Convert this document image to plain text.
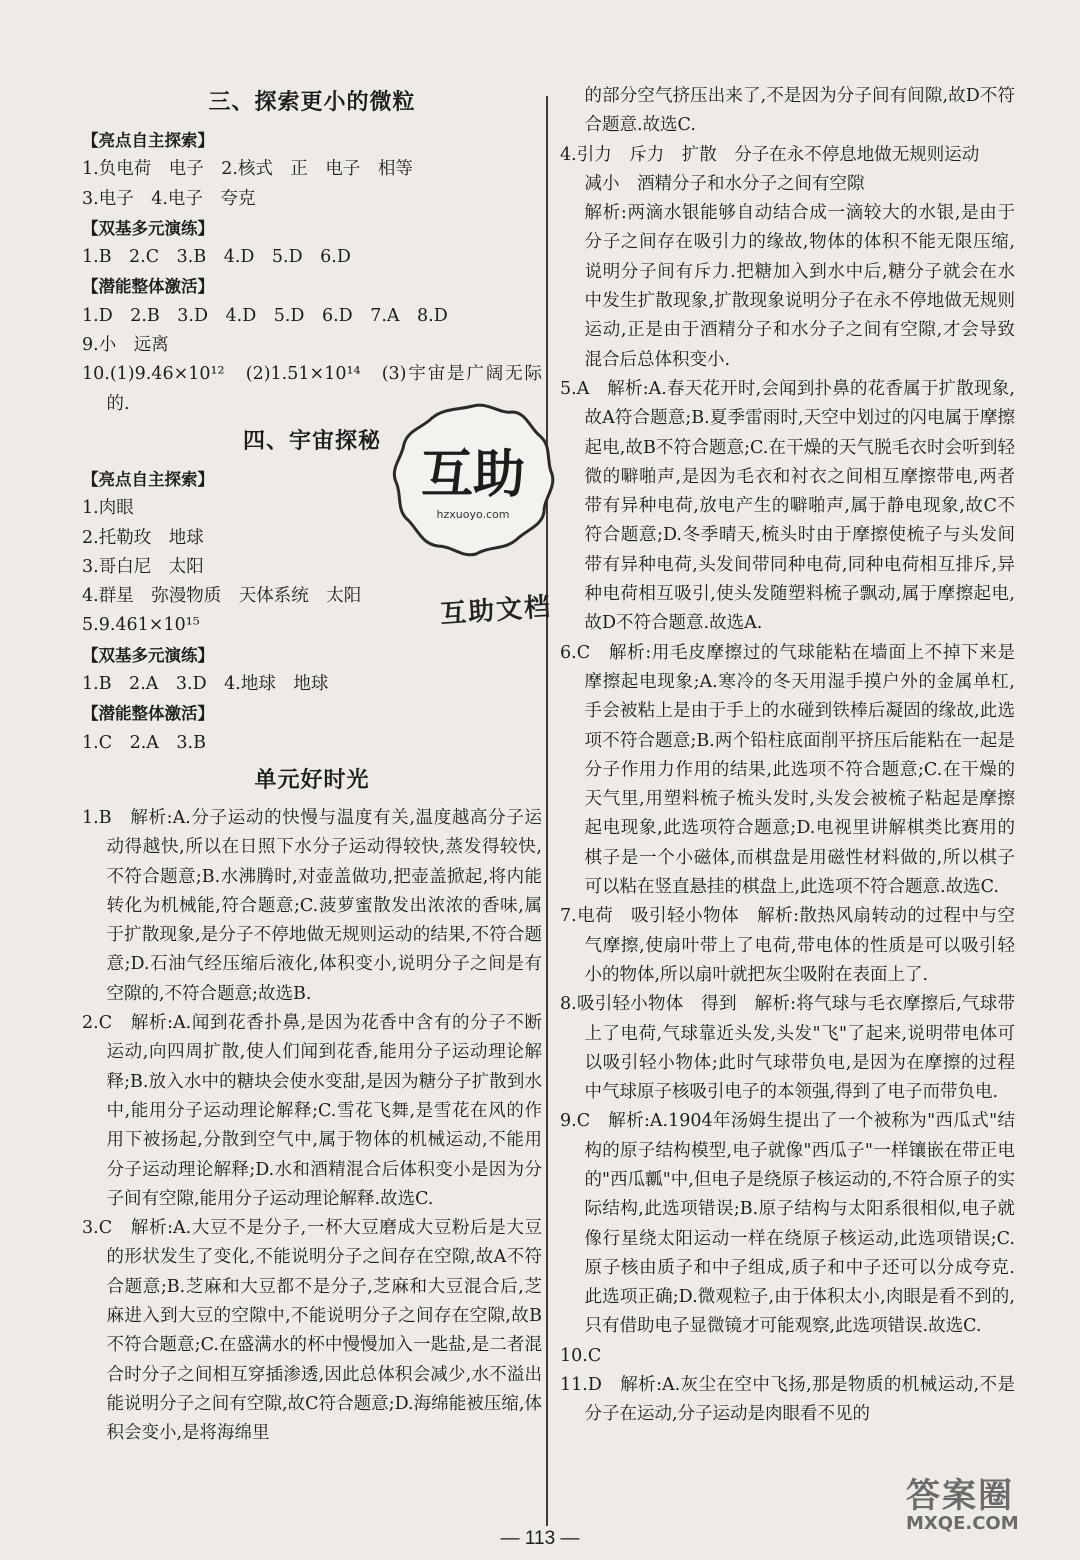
三、探索更小的微粒
【亮点自主探索】
1.负电荷　电子　2.核式　正　电子　相等
3.电子　4.电子　夸克
【双基多元演练】
1.B　2.C　3.B　4.D　5.D　6.D
【潜能整体激活】
1.D　2.B　3.D　4.D　5.D　6.D　7.A　8.D
9.小　远离
10.(1)9.46×10¹²　(2)1.51×10¹⁴　(3)宇宙是广阔无际的.
四、宇宙探秘
【亮点自主探索】
1.肉眼
2.托勒玫　地球
3.哥白尼　太阳
4.群星　弥漫物质　天体系统　太阳
5.9.461×10¹⁵
【双基多元演练】
1.B　2.A　3.D　4.地球　地球
【潜能整体激活】
1.C　2.A　3.B
单元好时光
1.B　解析:A.分子运动的快慢与温度有关,温度越高分子运动得越快,所以在日照下水分子运动得较快,蒸发得较快,不符合题意;B.水沸腾时,对壶盖做功,把壶盖掀起,将内能转化为机械能,符合题意;C.菠萝蜜散发出浓浓的香味,属于扩散现象,是分子不停地做无规则运动的结果,不符合题意;D.石油气经压缩后液化,体积变小,说明分子之间是有空隙的,不符合题意;故选B.
2.C　解析:A.闻到花香扑鼻,是因为花香中含有的分子不断运动,向四周扩散,使人们闻到花香,能用分子运动理论解释;B.放入水中的糖块会使水变甜,是因为糖分子扩散到水中,能用分子运动理论解释;C.雪花飞舞,是雪花在风的作用下被扬起,分散到空气中,属于物体的机械运动,不能用分子运动理论解释;D.水和酒精混合后体积变小是因为分子间有空隙,能用分子运动理论解释.故选C.
3.C　解析:A.大豆不是分子,一杯大豆磨成大豆粉后是大豆的形状发生了变化,不能说明分子之间存在空隙,故A不符合题意;B.芝麻和大豆都不是分子,芝麻和大豆混合后,芝麻进入到大豆的空隙中,不能说明分子之间存在空隙,故B不符合题意;C.在盛满水的杯中慢慢加入一匙盐,是二者混合时分子之间相互穿插渗透,因此总体积会减少,水不溢出能说明分子之间有空隙,故C符合题意;D.海绵能被压缩,体积会变小,是将海绵里
的部分空气挤压出来了,不是因为分子间有间隙,故D不符合题意.故选C.
4.引力　斥力　扩散　分子在永不停息地做无规则运动
减小　酒精分子和水分子之间有空隙
解析:两滴水银能够自动结合成一滴较大的水银,是由于分子之间存在吸引力的缘故,物体的体积不能无限压缩,说明分子间有斥力.把糖加入到水中后,糖分子就会在水中发生扩散现象,扩散现象说明分子在永不停地做无规则运动,正是由于酒精分子和水分子之间有空隙,才会导致混合后总体积变小.
5.A　解析:A.春天花开时,会闻到扑鼻的花香属于扩散现象,故A符合题意;B.夏季雷雨时,天空中划过的闪电属于摩擦起电,故B不符合题意;C.在干燥的天气脱毛衣时会听到轻微的噼啪声,是因为毛衣和衬衣之间相互摩擦带电,两者带有异种电荷,放电产生的噼啪声,属于静电现象,故C不符合题意;D.冬季晴天,梳头时由于摩擦使梳子与头发间带有异种电荷,头发间带同种电荷,同种电荷相互排斥,异种电荷相互吸引,使头发随塑料梳子飘动,属于摩擦起电,故D不符合题意.故选A.
6.C　解析:用毛皮摩擦过的气球能粘在墙面上不掉下来是摩擦起电现象;A.寒冷的冬天用湿手摸户外的金属单杠,手会被粘上是由于手上的水碰到铁棒后凝固的缘故,此选项不符合题意;B.两个铅柱底面削平挤压后能粘在一起是分子作用力作用的结果,此选项不符合题意;C.在干燥的天气里,用塑料梳子梳头发时,头发会被梳子粘起是摩擦起电现象,此选项符合题意;D.电视里讲解棋类比赛用的棋子是一个小磁体,而棋盘是用磁性材料做的,所以棋子可以粘在竖直悬挂的棋盘上,此选项不符合题意.故选C.
7.电荷　吸引轻小物体　解析:散热风扇转动的过程中与空气摩擦,使扇叶带上了电荷,带电体的性质是可以吸引轻小的物体,所以扇叶就把灰尘吸附在表面上了.
8.吸引轻小物体　得到　解析:将气球与毛衣摩擦后,气球带上了电荷,气球靠近头发,头发"飞"了起来,说明带电体可以吸引轻小物体;此时气球带负电,是因为在摩擦的过程中气球原子核吸引电子的本领强,得到了电子而带负电.
9.C　解析:A.1904年汤姆生提出了一个被称为"西瓜式"结构的原子结构模型,电子就像"西瓜子"一样镶嵌在带正电的"西瓜瓤"中,但电子是绕原子核运动的,不符合原子的实际结构,此选项错误;B.原子结构与太阳系很相似,电子就像行星绕太阳运动一样在绕原子核运动,此选项错误;C.原子核由质子和中子组成,质子和中子还可以分成夸克.此选项正确;D.微观粒子,由于体积太小,肉眼是看不到的,只有借助电子显微镜才可能观察,此选项错误.故选C.
10.C
11.D　解析:A.灰尘在空中飞扬,那是物质的机械运动,不是分子在运动,分子运动是肉眼看不见的
互助
hzxuoyo.com
互助文档
— 113 —
答案圈
MXQE.COM
